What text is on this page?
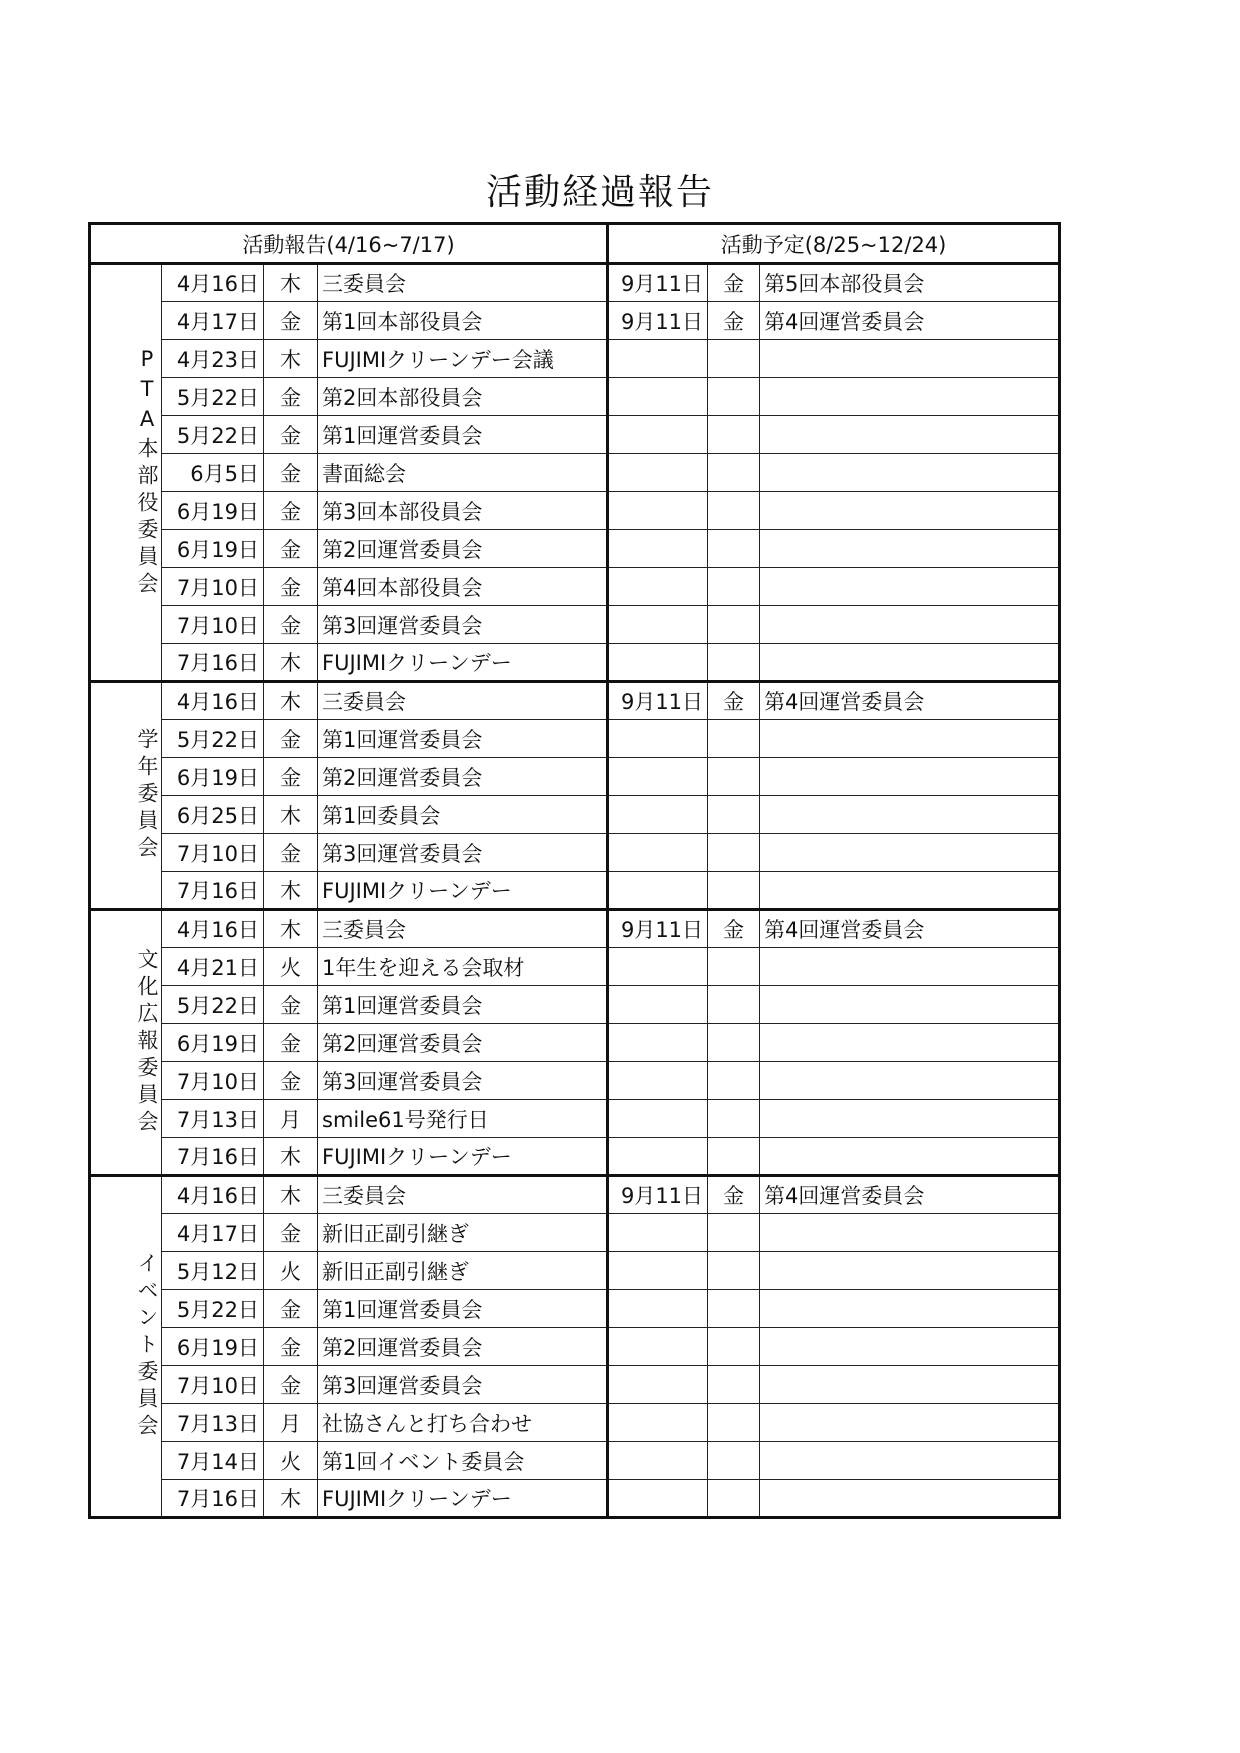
活動経過報告
活動報告(4/16~7/17)				活動予定(8/25~12/24)		
PTA本部役委員会	4月16日	木	三委員会	9月11日	金	第5回本部役員会
	4月17日	金	第1回本部役員会	9月11日	金	第4回運営委員会
	4月23日	木	FUJIMIクリーンデー会議			
	5月22日	金	第2回本部役員会			
	5月22日	金	第1回運営委員会			
	6月5日	金	書面総会			
	6月19日	金	第3回本部役員会			
	6月19日	金	第2回運営委員会			
	7月10日	金	第4回本部役員会			
	7月10日	金	第3回運営委員会			
	7月16日	木	FUJIMIクリーンデー			
学年委員会	4月16日	木	三委員会	9月11日	金	第4回運営委員会
	5月22日	金	第1回運営委員会			
	6月19日	金	第2回運営委員会			
	6月25日	木	第1回委員会			
	7月10日	金	第3回運営委員会			
	7月16日	木	FUJIMIクリーンデー			
文化広報委員会	4月16日	木	三委員会	9月11日	金	第4回運営委員会
	4月21日	火	1年生を迎える会取材			
	5月22日	金	第1回運営委員会			
	6月19日	金	第2回運営委員会			
	7月10日	金	第3回運営委員会			
	7月13日	月	smile61号発行日			
	7月16日	木	FUJIMIクリーンデー			
イベント委員会	4月16日	木	三委員会	9月11日	金	第4回運営委員会
	4月17日	金	新旧正副引継ぎ			
	5月12日	火	新旧正副引継ぎ			
	5月22日	金	第1回運営委員会			
	6月19日	金	第2回運営委員会			
	7月10日	金	第3回運営委員会			
	7月13日	月	社協さんと打ち合わせ			
	7月14日	火	第1回イベント委員会			
	7月16日	木	FUJIMIクリーンデー			
